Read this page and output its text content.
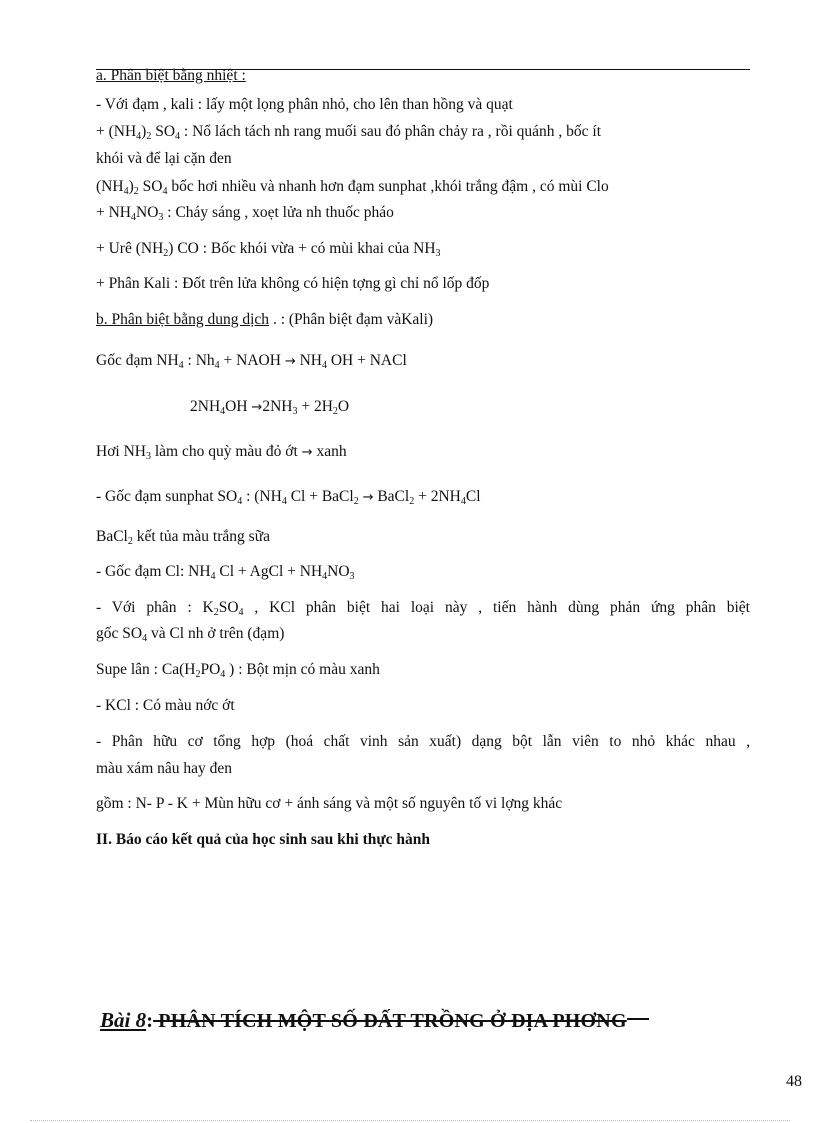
a. Phân biệt bằng nhiệt :
- Với đạm , kali : lấy một lọng phân nhỏ, cho lên than hồng và quạt
+ $(NH_4)_2$ $SO_4$ : Nổ lách tách nh rang muối sau đó phân chảy ra , rồi quánh , bốc ít
khói và để lại cặn đen
$(NH_4)_2$ $SO_4$ bốc hơi nhiều và nhanh hơn đạm sunphat ,khói trắng đậm , có mùi Clo
+ $NH_4NO_3$ : Cháy sáng , xoẹt lửa nh thuốc pháo
+ Urê $(NH_2)$ CO : Bốc khói vừa + có mùi khai của $NH_3$
+ Phân Kali : Đốt trên lửa không có hiện tợng gì chỉ nổ lốp đốp
b. Phân biệt bằng dung dịch . : (Phân biệt đạm vàKali)
Gốc đạm $NH_4$ : $Nh_4$ + NAOH → $NH_4$ OH + NACl
$2NH_4OH \to 2NH_3 + 2H_2O$
Hơi $NH_3$ làm cho quỳ màu đỏ ớt → xanh
- Gốc đạm sunphat $SO_4$ : ($NH_4$ Cl + BaCl$_2$ → BaCl$_2$ + $2NH_4Cl$
BaCl$_2$ kết tủa màu trắng sữa
- Gốc đạm Cl: $NH_4$ Cl + AgCl + $NH_4NO_3$
- Với phân : $K_2SO_4$ , KCl phân biệt hai loại này , tiến hành dùng phản ứng phân biệt
gốc $SO_4$ và Cl nh ở trên (đạm)
Supe lân : $Ca(H_2PO_4$ ) : Bột mịn có màu xanh
- KCl : Có màu nớc ớt
- Phân hữu cơ tổng hợp (hoá chất vinh sản xuất) dạng bột lẫn viên to nhỏ khác nhau ,
màu xám nâu hay đen
gồm : N- P - K + Mùn hữu cơ + ánh sáng và một số nguyên tố vi lợng khác
II. Báo cáo kết quả của học sinh sau khi thực hành
Bài 8: PHÂN TÍCH MỘT SỐ ĐẤT TRỒNG Ở ĐỊA PHƠNG
48
